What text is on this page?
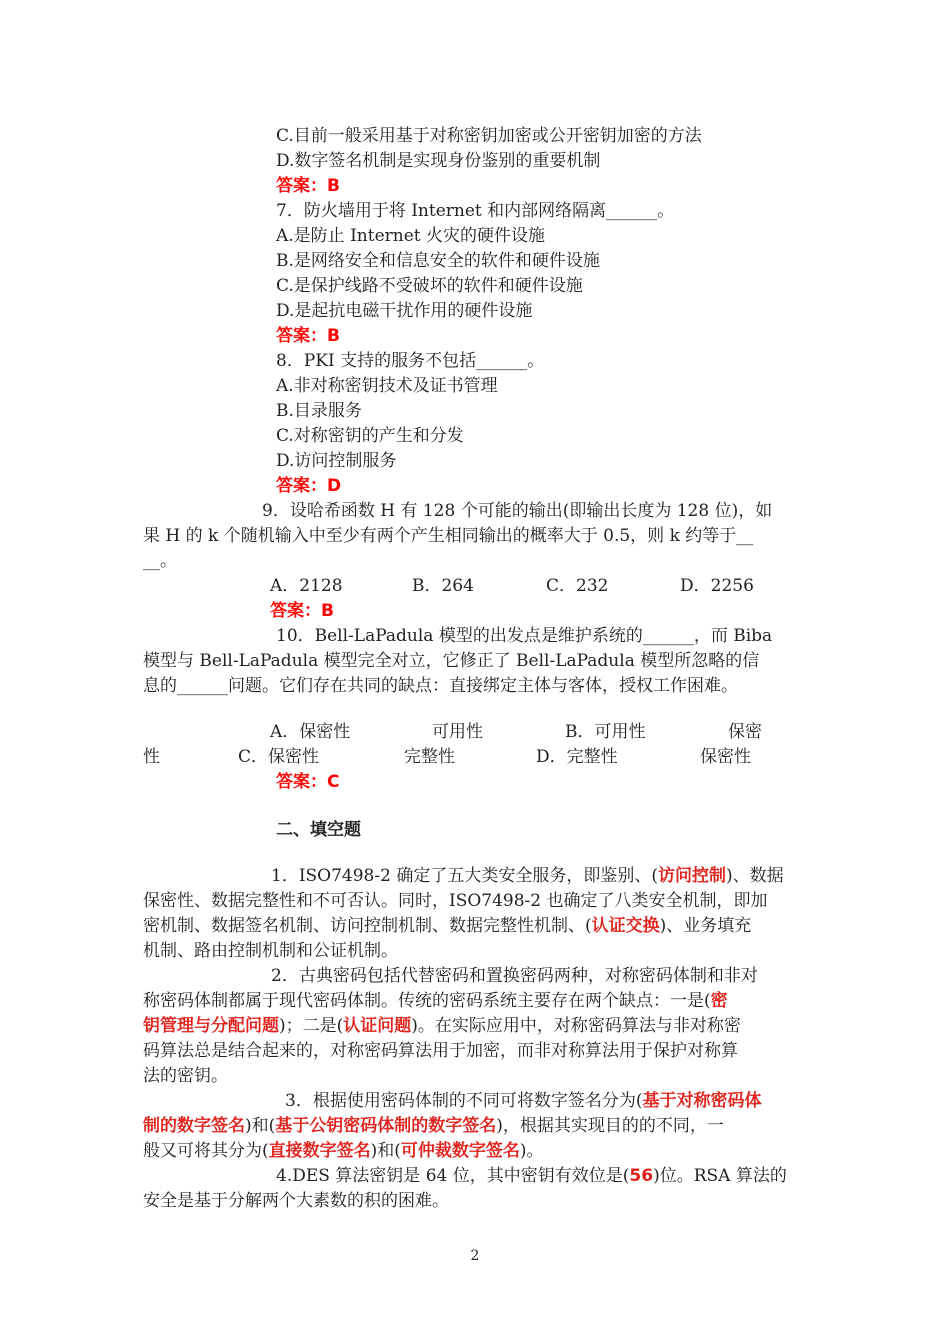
C.目前一般采用基于对称密钥加密或公开密钥加密的方法
D.数字签名机制是实现身份鉴别的重要机制
答案：B
7．防火墙用于将 Internet 和内部网络隔离______。
A.是防止 Internet 火灾的硬件设施
B.是网络安全和信息安全的软件和硬件设施
C.是保护线路不受破坏的软件和硬件设施
D.是起抗电磁干扰作用的硬件设施
答案：B
8．PKI 支持的服务不包括______。
A.非对称密钥技术及证书管理
B.目录服务
C.对称密钥的产生和分发
D.访问控制服务
答案：D
9．设哈希函数 H 有 128 个可能的输出(即输出长度为 128 位)，如
果 H 的 k 个随机输入中至少有两个产生相同输出的概率大于 0.5，则 k 约等于__
__。
A．2128	B．264	C．232	D．2256
答案：B
10．Bell-LaPadula 模型的出发点是维护系统的______，而 Biba
模型与 Bell-LaPadula 模型完全对立，它修正了 Bell-LaPadula 模型所忽略的信
息的______问题。它们存在共同的缺点：直接绑定主体与客体，授权工作困难。
A．保密性	可用性	B．可用性	保密
性	C．保密性	完整性	D．完整性	保密性
答案：C
二、填空题
1．ISO7498-2 确定了五大类安全服务，即鉴别、(访问控制)、数据
保密性、数据完整性和不可否认。同时，ISO7498-2 也确定了八类安全机制，即加
密机制、数据签名机制、访问控制机制、数据完整性机制、(认证交换)、业务填充
机制、路由控制机制和公证机制。
2．古典密码包括代替密码和置换密码两种，对称密码体制和非对
称密码体制都属于现代密码体制。传统的密码系统主要存在两个缺点：一是(密
钥管理与分配问题)；二是(认证问题)。在实际应用中，对称密码算法与非对称密
码算法总是结合起来的，对称密码算法用于加密，而非对称算法用于保护对称算
法的密钥。
3．根据使用密码体制的不同可将数字签名分为(基于对称密码体
制的数字签名)和(基于公钥密码体制的数字签名)，根据其实现目的的不同，一
般又可将其分为(直接数字签名)和(可仲裁数字签名)。
4.DES 算法密钥是 64 位，其中密钥有效位是(56)位。RSA 算法的
安全是基于分解两个大素数的积的困难。
2
